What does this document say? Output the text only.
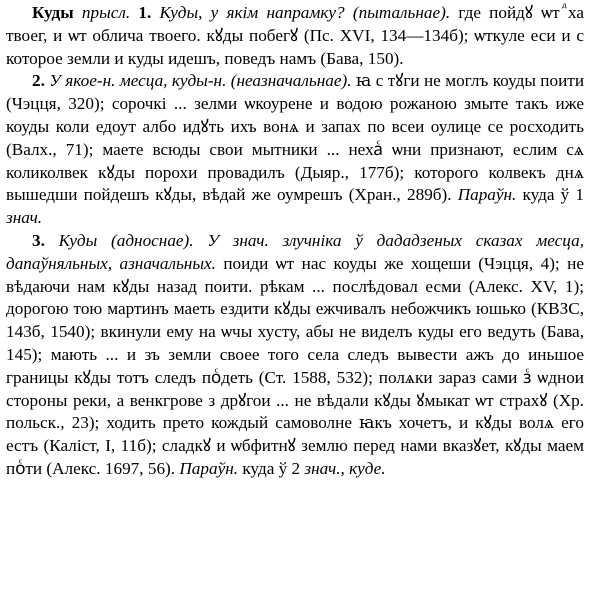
Куды прысл. 1. Куды, у якім напрамку? (пытальнае). где пойдꙋ ѡт ⷣха твоег, и ѡт облича твоего. кꙋды побегꙋ (Пс. XVI, 134—134б); ѡткуле еси и с которое земли и куды идешъ, поведъ намъ (Бава, 150).

2. У якое-н. месца, куды-н. (неазначальнае). ꙗ с тꙋги не моглъ коуды поити (Чэцця, 320); сорочкі ... зелми ѡкоурене и водою рожаною змыте такъ иже коуды коли едоут албо идꙋть ихъ вонѧ и запах по всеи оулице се росходить (Валх., 71); маете всюды свои мытники ... нехаⷭ ѡни признают, еслим сѧ коликолвек кꙋды порохи провадилъ (Дыяр., 177б); которого колвекъ днѧ вышедши пойдешъ кꙋды, вѣдай же оумрешъ (Хран., 289б). Параўн. куда ў 1 знач.

3. Куды (адноснае). У знач. злучніка ў дададзеных сказах месца, дапаўняльных, азначальных. поиди ѡт нас коуды же хощеши (Чэцця, 4); не вѣдаючи нам кꙋды назад поити. рѣкам ... послѣдовал есми (Алекс. XV, 1); дорогою тою мартинъ маеть ездити кꙋды ежчивалъ небожчикъ юшько (КВЗС, 143б, 1540); вкинули ему на ѡчы хусту, абы не виделъ куды его ведуть (Бава, 145); мають ... и зъ земли своее того села следъ вывести ажъ до иньшое границы кꙋды тотъ следъ поⷭдеть (Ст. 1588, 532); полѧки зараз сами зⷭ ѡднои стороны реки, а венкгрове з дрꙋгои ... не вѣдали кꙋды ꙋмыкат ѡт страхꙋ (Хр. польск., 23); ходить прето кождый самоволне ꙗкъ хочетъ, и кꙋды волѧ его естъ (Каліст, I, 11б); сладкꙋ и ѡбфитнꙋ землю перед нами вказꙋет, кꙋды маем поⷭти (Алекс. 1697, 56). Параўн. куда ў 2 знач., куде.
